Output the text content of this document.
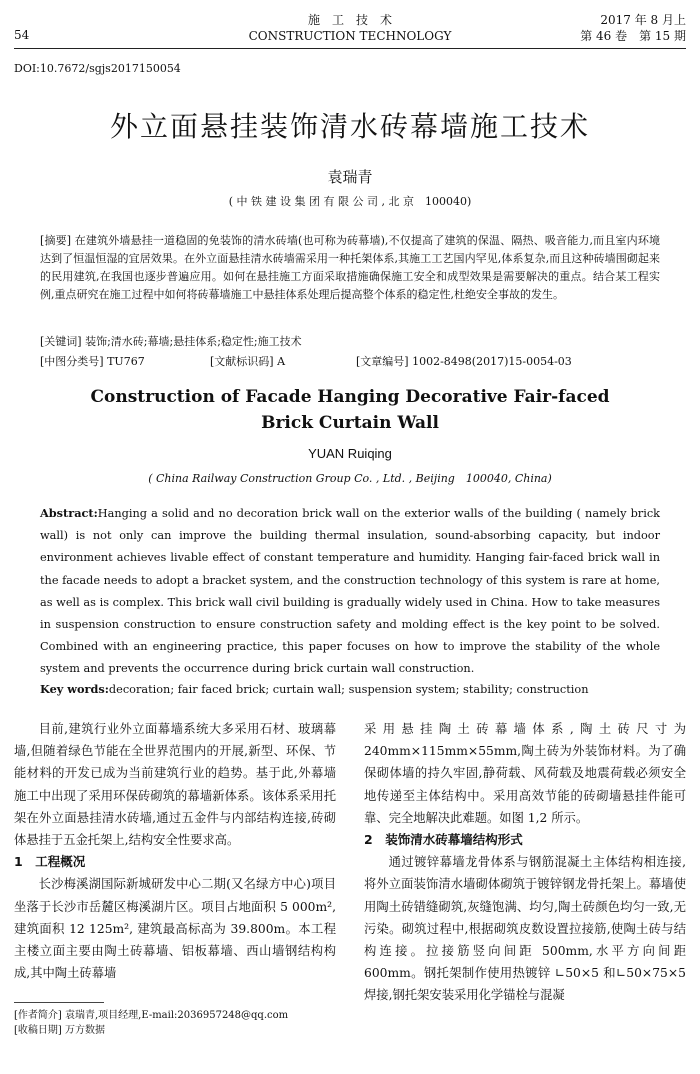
54
施　工　技　术
CONSTRUCTION TECHNOLOGY
2017 年 8 月上
第 46 卷　第 15 期
DOI:10.7672/sgjs2017150054
外立面悬挂装饰清水砖幕墙施工技术
袁瑞青
( 中 铁 建 设 集 团 有 限 公 司 , 北 京　100040)
[摘要] 在建筑外墙悬挂一道稳固的免装饰的清水砖墙(也可称为砖幕墙),不仅提高了建筑的保温、隔热、吸音能力,而且室内环境达到了恒温恒湿的宜居效果。在外立面悬挂清水砖墙需采用一种托架体系,其施工工艺国内罕见,体系复杂,而且这种砖墙围砌起来的民用建筑,在我国也逐步普遍应用。如何在悬挂施工方面采取措施确保施工安全和成型效果是需要解决的重点。结合某工程实例,重点研究在施工过程中如何将砖幕墙施工中悬挂体系处理后提高整个体系的稳定性,杜绝安全事故的发生。
[关键词] 装饰;清水砖;幕墙;悬挂体系;稳定性;施工技术
[中图分类号] TU767	[文献标识码] A	[文章编号] 1002-8498(2017)15-0054-03
Construction of Facade Hanging Decorative Fair-faced
Brick Curtain Wall
YUAN Ruiqing
( China Railway Construction Group Co. , Ltd. , Beijing　100040, China)
Abstract:Hanging a solid and no decoration brick wall on the exterior walls of the building ( namely brick wall) is not only can improve the building thermal insulation, sound-absorbing capacity, but indoor environment achieves livable effect of constant temperature and humidity. Hanging fair-faced brick wall in the facade needs to adopt a bracket system, and the construction technology of this system is rare at home, as well as is complex. This brick wall civil building is gradually widely used in China. How to take measures in suspension construction to ensure construction safety and molding effect is the key point to be solved. Combined with an engineering practice, this paper focuses on how to improve the stability of the whole system and prevents the occurrence during brick curtain wall construction.
Key words:decoration; fair faced brick; curtain wall; suspension system; stability; construction

目前,建筑行业外立面幕墙系统大多采用石材、玻璃幕墙,但随着绿色节能在全世界范围内的开展,新型、环保、节能材料的开发已成为当前建筑行业的趋势。基于此,外幕墙施工中出现了采用环保砖砌筑的幕墙新体系。该体系采用托架在外立面悬挂清水砖墙,通过五金件与内部结构连接,砖砌体悬挂于五金托架上,结构安全性要求高。

1　工程概况

长沙梅溪湖国际新城研发中心二期(又名绿方中心)项目坐落于长沙市岳麓区梅溪湖片区。项目占地面积 5 000m², 建筑面积 12 125m², 建筑最高标高为 39.800m。本工程主楼立面主要由陶土砖幕墙、铝板幕墙、西山墙钢结构构成,其中陶土砖幕墙

采用悬挂陶土砖幕墙体系,陶土砖尺寸为 240mm×115mm×55mm,陶土砖为外装饰材料。为了确保砌体墙的持久牢固,静荷载、风荷载及地震荷载必须安全地传递至主体结构中。采用高效节能的砖砌墙悬挂件能可靠、完全地解决此难题。如图 1,2 所示。

2　装饰清水砖幕墙结构形式

通过镀锌幕墙龙骨体系与钢筋混凝土主体结构相连接,将外立面装饰清水墙砌体砌筑于镀锌钢龙骨托架上。幕墙使用陶土砖错缝砌筑,灰缝饱满、均匀,陶土砖颜色均匀一致,无污染。砌筑过程中,根据砌筑皮数设置拉接筋,使陶土砖与结构连接。拉接筋竖向间距 500mm,水平方向间距 600mm。钢托架制作使用热镀锌 ∟50×5 和∟50×75×5焊接,钢托架安装采用化学锚栓与混凝

[作者简介] 袁瑞青,项目经理,E-mail:2036957248@qq.com
[收稿日期] 万方数据
